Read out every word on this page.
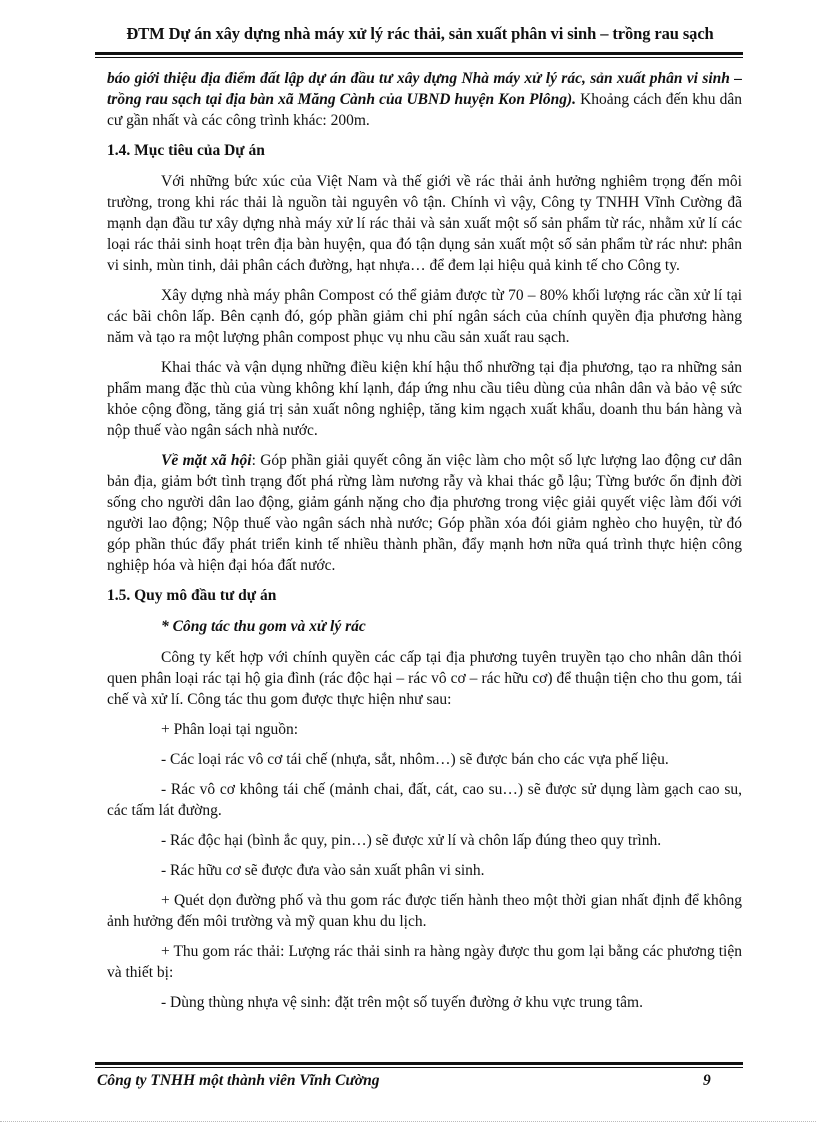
ĐTM Dự án xây dựng nhà máy xử lý rác thải, sản xuất phân vi sinh – trồng rau sạch

báo giới thiệu địa điểm đất lập dự án đầu tư xây dựng Nhà máy xử lý rác, sản xuất phân vi sinh – trồng rau sạch tại địa bàn xã Măng Cành của UBND huyện Kon Plông). Khoảng cách đến khu dân cư gần nhất và các công trình khác: 200m.

1.4. Mục tiêu của Dự án

Với những bức xúc của Việt Nam và thế giới về rác thải ảnh hưởng nghiêm trọng đến môi trường, trong khi rác thải là nguồn tài nguyên vô tận. Chính vì vậy, Công ty TNHH Vĩnh Cường đã mạnh dạn đầu tư xây dựng nhà máy xử lí rác thải và sản xuất một số sản phẩm từ rác, nhằm xử lí các loại rác thải sinh hoạt trên địa bàn huyện, qua đó tận dụng sản xuất một số sản phẩm từ rác như: phân vi sinh, mùn tinh, dải phân cách đường, hạt nhựa… để đem lại hiệu quả kinh tế cho Công ty.

Xây dựng nhà máy phân Compost có thể giảm được từ 70 – 80% khối lượng rác cần xử lí tại các bãi chôn lấp. Bên cạnh đó, góp phần giảm chi phí ngân sách của chính quyền địa phương hàng năm và tạo ra một lượng phân compost phục vụ nhu cầu sản xuất rau sạch.

Khai thác và vận dụng những điều kiện khí hậu thổ nhưỡng tại địa phương, tạo ra những sản phẩm mang đặc thù của vùng không khí lạnh, đáp ứng nhu cầu tiêu dùng của nhân dân và bảo vệ sức khỏe cộng đồng, tăng giá trị sản xuất nông nghiệp, tăng kim ngạch xuất khẩu, doanh thu bán hàng và nộp thuế vào ngân sách nhà nước.

Về mặt xã hội: Góp phần giải quyết công ăn việc làm cho một số lực lượng lao động cư dân bản địa, giảm bớt tình trạng đốt phá rừng làm nương rẫy và khai thác gỗ lậu; Từng bước ổn định đời sống cho người dân lao động, giảm gánh nặng cho địa phương trong việc giải quyết việc làm đối với người lao động; Nộp thuế vào ngân sách nhà nước; Góp phần xóa đói giảm nghèo cho huyện, từ đó góp phần thúc đẩy phát triển kinh tế nhiều thành phần, đẩy mạnh hơn nữa quá trình thực hiện công nghiệp hóa và hiện đại hóa đất nước.

1.5. Quy mô đầu tư dự án

* Công tác thu gom và xử lý rác

Công ty kết hợp với chính quyền các cấp tại địa phương tuyên truyền tạo cho nhân dân thói quen phân loại rác tại hộ gia đình (rác độc hại – rác vô cơ – rác hữu cơ) để thuận tiện cho thu gom, tái chế và xử lí. Công tác thu gom được thực hiện như sau:

+ Phân loại tại nguồn:

- Các loại rác vô cơ tái chế (nhựa, sắt, nhôm…) sẽ được bán cho các vựa phế liệu.

- Rác vô cơ không tái chế (mảnh chai, đất, cát, cao su…) sẽ được sử dụng làm gạch cao su, các tấm lát đường.

- Rác độc hại (bình ắc quy, pin…) sẽ được xử lí và chôn lấp đúng theo quy trình.

- Rác hữu cơ sẽ được đưa vào sản xuất phân vi sinh.

+ Quét dọn đường phố và thu gom rác được tiến hành theo một thời gian nhất định để không ảnh hưởng đến môi trường và mỹ quan khu du lịch.

+ Thu gom rác thải: Lượng rác thải sinh ra hàng ngày được thu gom lại bằng các phương tiện và thiết bị:

- Dùng thùng nhựa vệ sinh: đặt trên một số tuyến đường ở khu vực trung tâm.

Công ty TNHH một thành viên Vĩnh Cường	9
